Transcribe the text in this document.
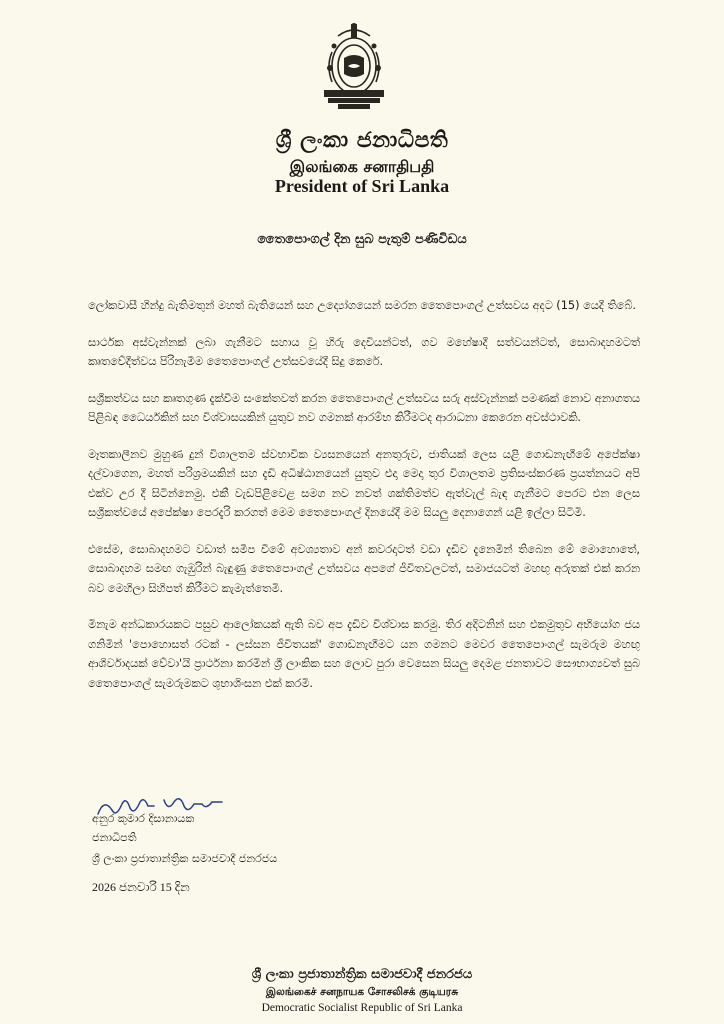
ශ්‍රී ලංකා ජනාධිපති
இலங்கை சனாதிபதி
President of Sri Lanka
තෛපොංගල් දින සුබ පැතුම් පණිවිඩය

ලෝකවාසී හින්දු බැතිමතුන් මහත් බැතියෙන් සහ උද්‍යෝගයෙන් සමරන තෛපොංගල් උත්සවය අදට (15) යෙදී තිබේ.

සාර්ථක අස්වැන්නක් ලබා ගැනීමට සහාය වූ හිරු දෙවියන්ටත්, ගව මහේෂාදී සත්වයන්ටත්, සොබාදහමටත් කෘතවේදීත්වය පිරිනැමීම තෛපොංගල් උත්සවයේදී සිදු කෙරේ.

සශ්‍රීකත්වය සහ කෘතගුණ දැක්වීම සංකේතවත් කරන තෛපොංගල් උත්සවය සරු අස්වැන්නක් පමණක් නොව අනාගතය පිළිබඳ ධෛර්යකින් සහ විශ්වාසයකින් යුතුව නව ගමනක් ආරම්භ කිරීමටද ආරාධනා කෙරෙන අවස්ථාවකි.

මෑතකාලීනව මුහුණ දුන් විශාලතම ස්වභාවික ව්‍යසනයෙන් අනතුරුව, ජාතියක් ලෙස යළි ගොඩනැඟීමේ අපේක්ෂා දල්වාගෙන, මහත් පරිශ්‍රමයකින් සහ දැඩි අධිෂ්ඨානයෙන් යුතුව එදා මෙදා තුර විශාලතම ප්‍රතිසංස්කරණ ප්‍රයත්නයට අපි එක්ව උර දී සිටින්නෙමු. එකී වැඩපිළිවෙළ සමග නව නවත් ශක්තිමත්ව ඇත්වැල් බැඳ ගැනීමට පෙරට එන ලෙස සශ්‍රීකත්වයේ අපේක්ෂා පෙරදැරි කරගත් මෙම තෛපොංගල් දිනයේදී මම සියලු දෙනාගෙන් යළි ඉල්ලා සිටිමි.

එසේම, සොබාදහමට වඩාත් සමීප වීමේ අවශ්‍යතාව අන් කවරදාටත් වඩා දැඩිව දැනෙමින් තිබෙන මේ මොහොතේ, සොබාදහම සමඟ ගැඹුරින් බැඳුණු තෛපොංගල් උත්සවය අපගේ ජීවිතවලටත්, සමාජයටත් මහඟු අරුතක් එක් කරන බව මෙහිලා සිහිපත් කිරීමට කැමැත්තෙමි.

මිනැම අන්ධකාරයකට පසුව ආලෝකයක් ඇති බව අප දැඩිව විශ්වාස කරමු. තිර අදිටනින් සහ එකමුතුව අභියෝග ජය ගනිමින් 'පොහොසත් රටක් - ලස්සන ජීවිතයක්' ගොඩනැඟීමට යන ගමනට මෙවර තෛපොංගල් සැමරුම මහඟු ආශිර්වාදයක් වේවා'යි ප්‍රාර්ථනා කරමින් ශ්‍රී ලාංකික සහ ලොව පුරා වෙසෙන සියලු දෙමළ ජනතාවට සෞභාග්‍යවත් සුබ තෛපොංගල් සැමරුමකට ශුභාශිංසන එක් කරමි.

අනුර කුමාර දිසානායක
ජනාධිපති
ශ්‍රී ලංකා ප්‍රජාතාන්ත්‍රික සමාජවාදී ජනරජය
2026 ජනවාරි 15 දින
ශ්‍රී ලංකා ප්‍රජාතාන්ත්‍රික සමාජවාදී ජනරජය
இலங்கைச் சனநாயக சோசலிசக் குடியரசு
Democratic Socialist Republic of Sri Lanka
